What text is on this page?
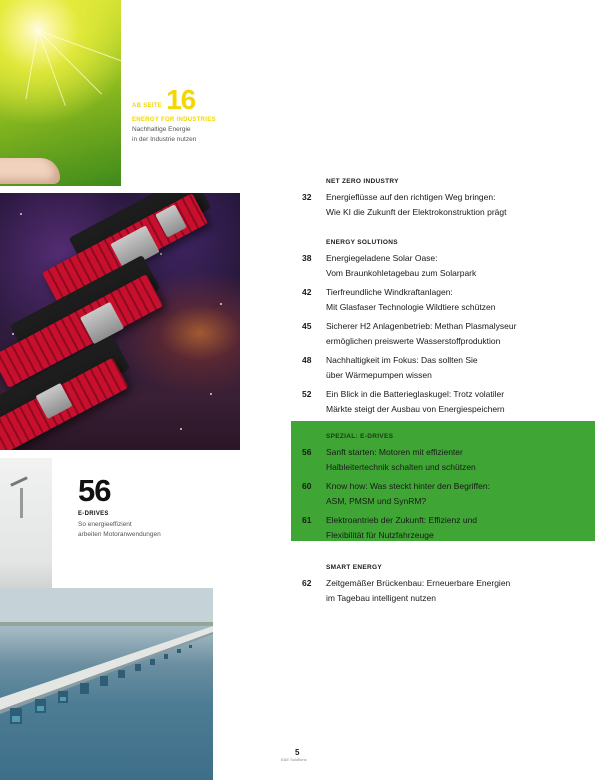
AB SEITE 16
ENERGY FOR INDUSTRIES
Nachhaltige Energie
in der Industrie nutzen
56
E-DRIVES
So energieeffizient
arbeiten Motoranwendungen
NET ZERO INDUSTRY
32	Energieflüsse auf den richtigen Weg bringen:
Wie KI die Zukunft der Elektrokonstruktion prägt
ENERGY SOLUTIONS
38	Energiegeladene Solar Oase:
Vom Braunkohletagebau zum Solarpark
42	Tierfreundliche Windkraftanlagen:
Mit Glasfaser Technologie Wildtiere schützen
45	Sicherer H2 Anlagenbetrieb: Methan Plasmalyseur
ermöglichen preiswerte Wasserstoffproduktion
48	Nachhaltigkeit im Fokus: Das sollten Sie
über Wärmepumpen wissen
52	Ein Blick in die Batterieglaskugel: Trotz volatiler
Märkte steigt der Ausbau von Energiespeichern
SPEZIAL: E-DRIVES
56	Sanft starten: Motoren mit effizienter
Halbleitertechnik schalten und schützen
60	Know how: Was steckt hinter den Begriffen:
ASM, PMSM und SynRM?
61	Elektroantrieb der Zukunft: Effizienz und
Flexibilität für Nutzfahrzeuge
SMART ENERGY
62	Zeitgemäßer Brückenbau: Erneuerbare Energien
im Tagebau intelligent nutzen
5
E&E Solutions
